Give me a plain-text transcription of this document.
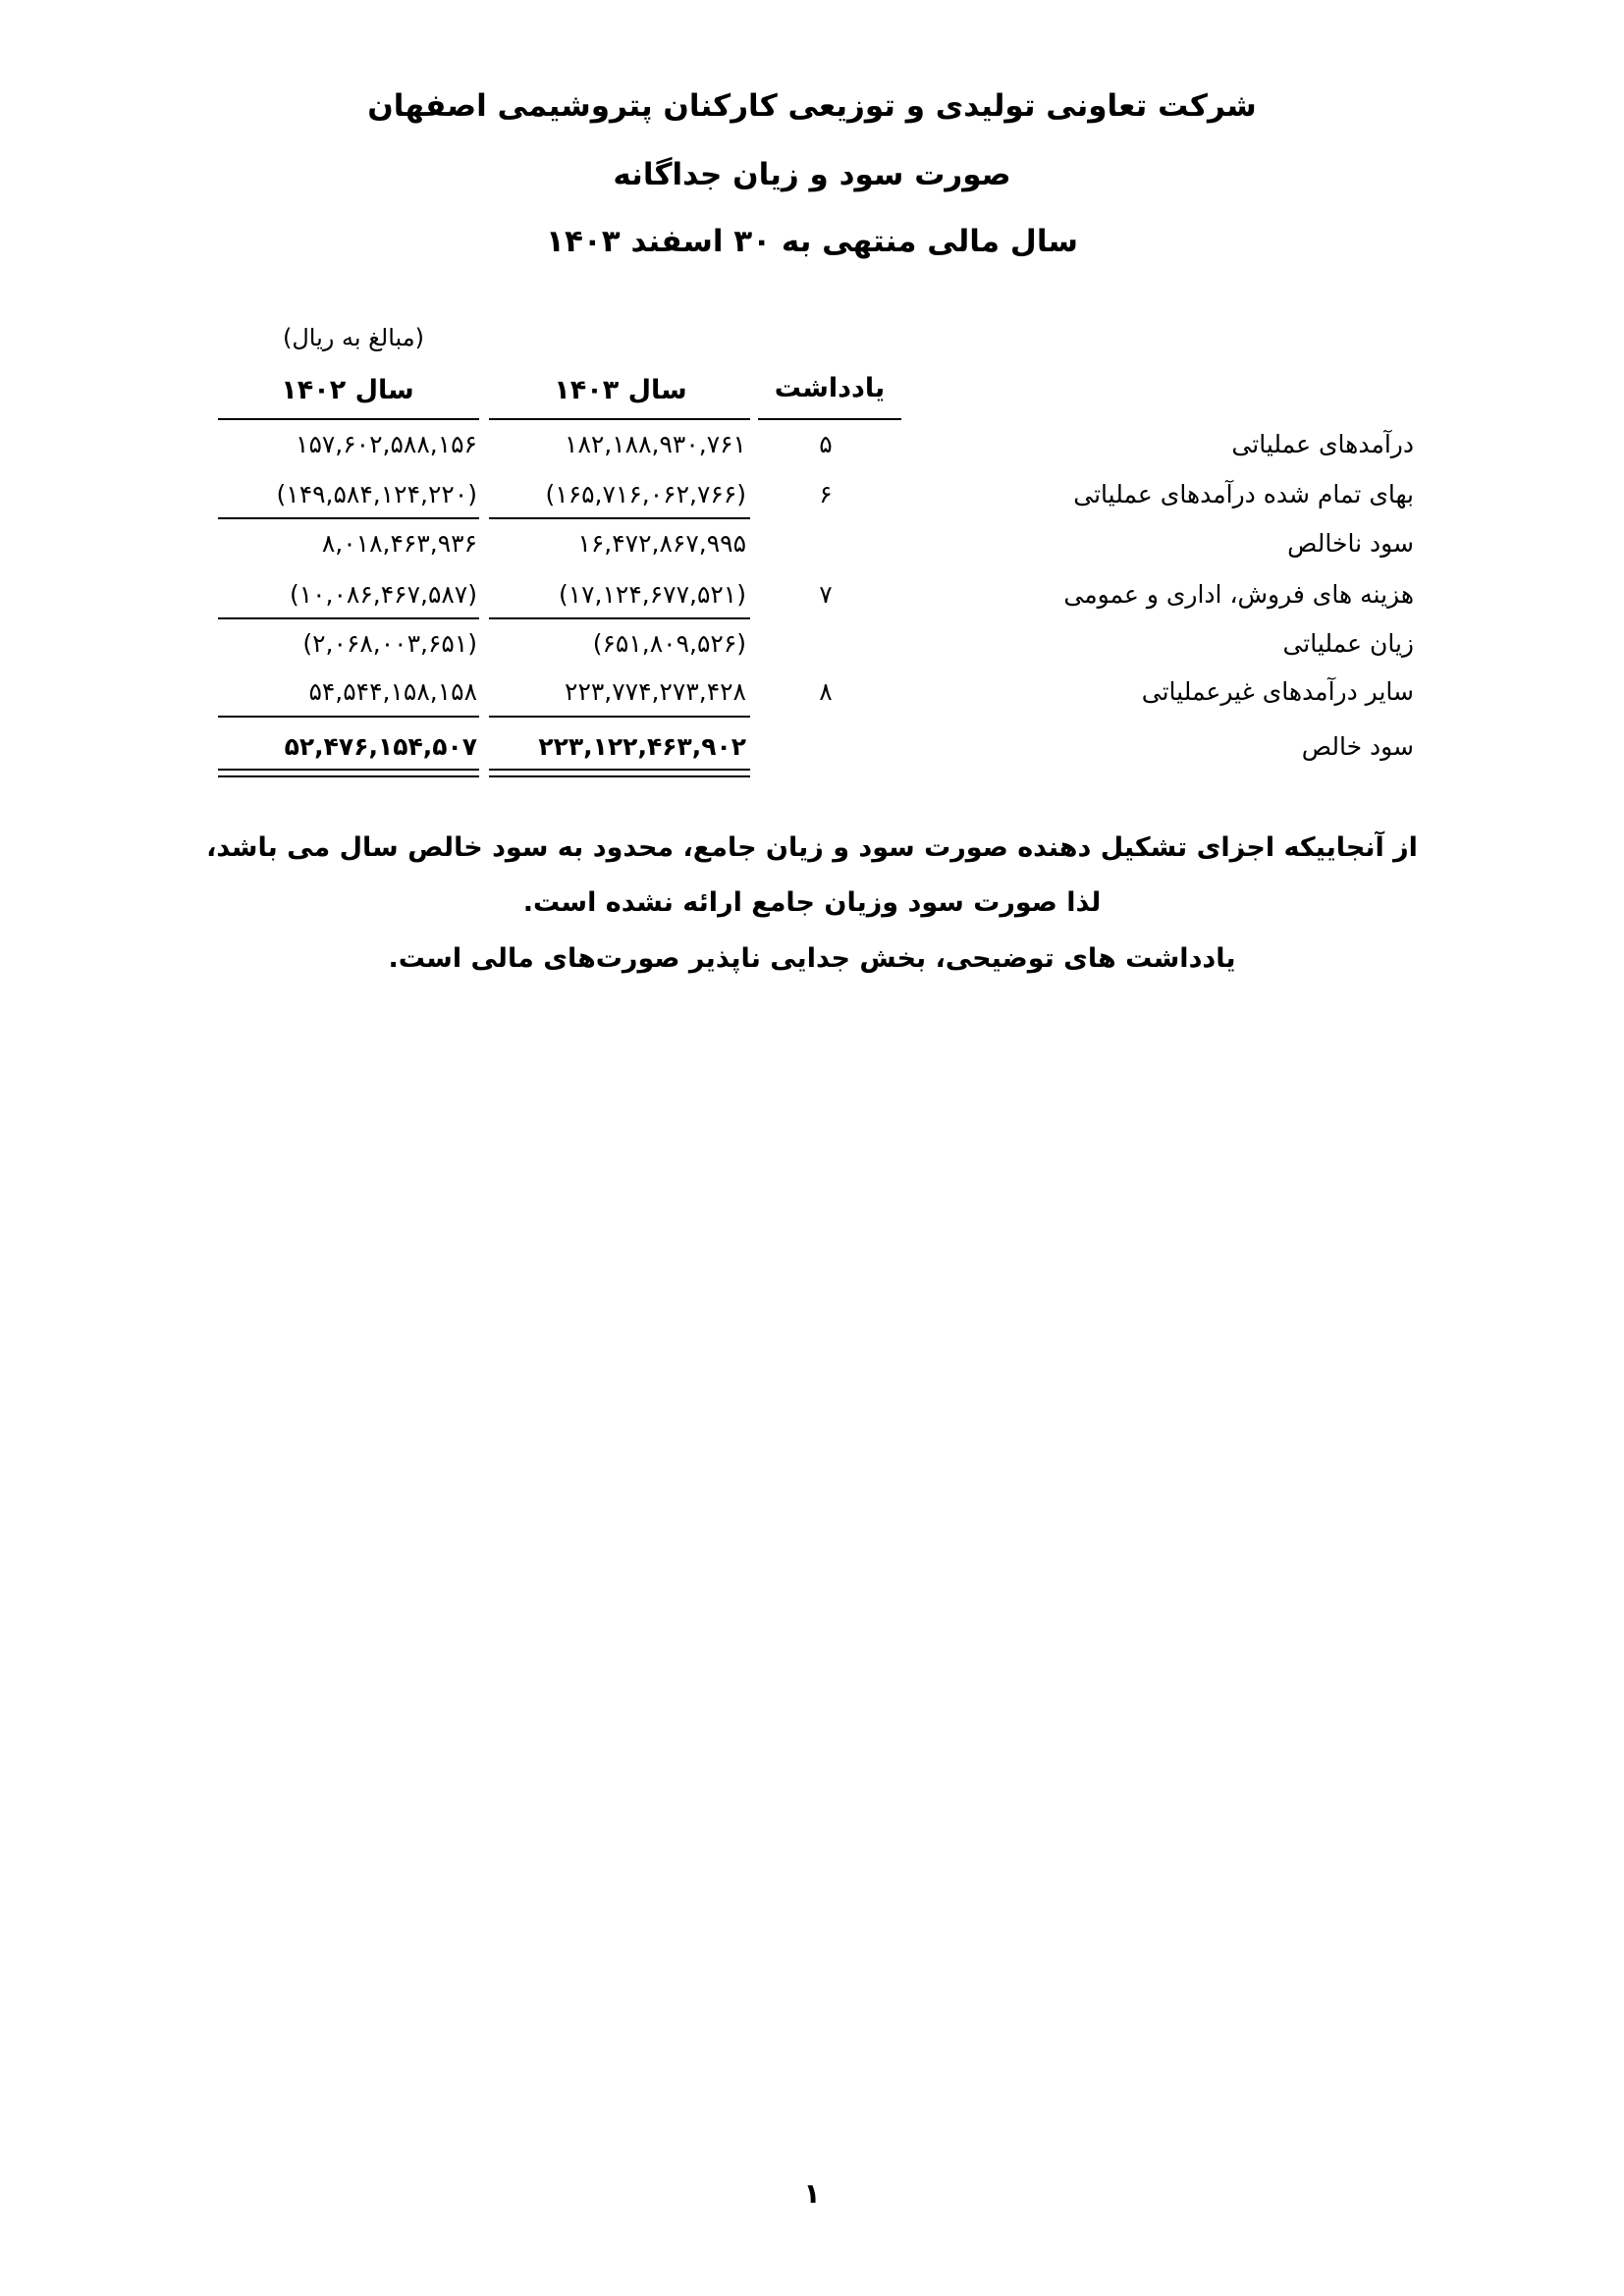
شرکت تعاونی تولیدی و توزیعی کارکنان پتروشیمی اصفهان
صورت سود و زیان جداگانه
سال مالی منتهی به ۳۰ اسفند ۱۴۰۳
(مبالغ به ریال)
یادداشت
سال ۱۴۰۳
سال ۱۴۰۲
درآمدهای عملیاتی
۵
۱۸۲,۱۸۸,۹۳۰,۷۶۱
۱۵۷,۶۰۲,۵۸۸,۱۵۶
بهای تمام شده درآمدهای عملیاتی
۶
(۱۶۵,۷۱۶,۰۶۲,۷۶۶)
(۱۴۹,۵۸۴,۱۲۴,۲۲۰)
سود ناخالص
۱۶,۴۷۲,۸۶۷,۹۹۵
۸,۰۱۸,۴۶۳,۹۳۶
هزینه های فروش، اداری و عمومی
۷
(۱۷,۱۲۴,۶۷۷,۵۲۱)
(۱۰,۰۸۶,۴۶۷,۵۸۷)
زیان عملیاتی
(۶۵۱,۸۰۹,۵۲۶)
(۲,۰۶۸,۰۰۳,۶۵۱)
سایر درآمدهای غیرعملیاتی
۸
۲۲۳,۷۷۴,۲۷۳,۴۲۸
۵۴,۵۴۴,۱۵۸,۱۵۸
سود خالص
۲۲۳,۱۲۲,۴۶۳,۹۰۲
۵۲,۴۷۶,۱۵۴,۵۰۷
از آنجاییکه اجزای تشکیل دهنده صورت سود و زیان جامع، محدود به سود خالص سال می باشد،
لذا صورت سود وزیان جامع ارائه نشده است.
یادداشت های توضیحی، بخش جدایی ناپذیر صورت‌های مالی است.
۱
